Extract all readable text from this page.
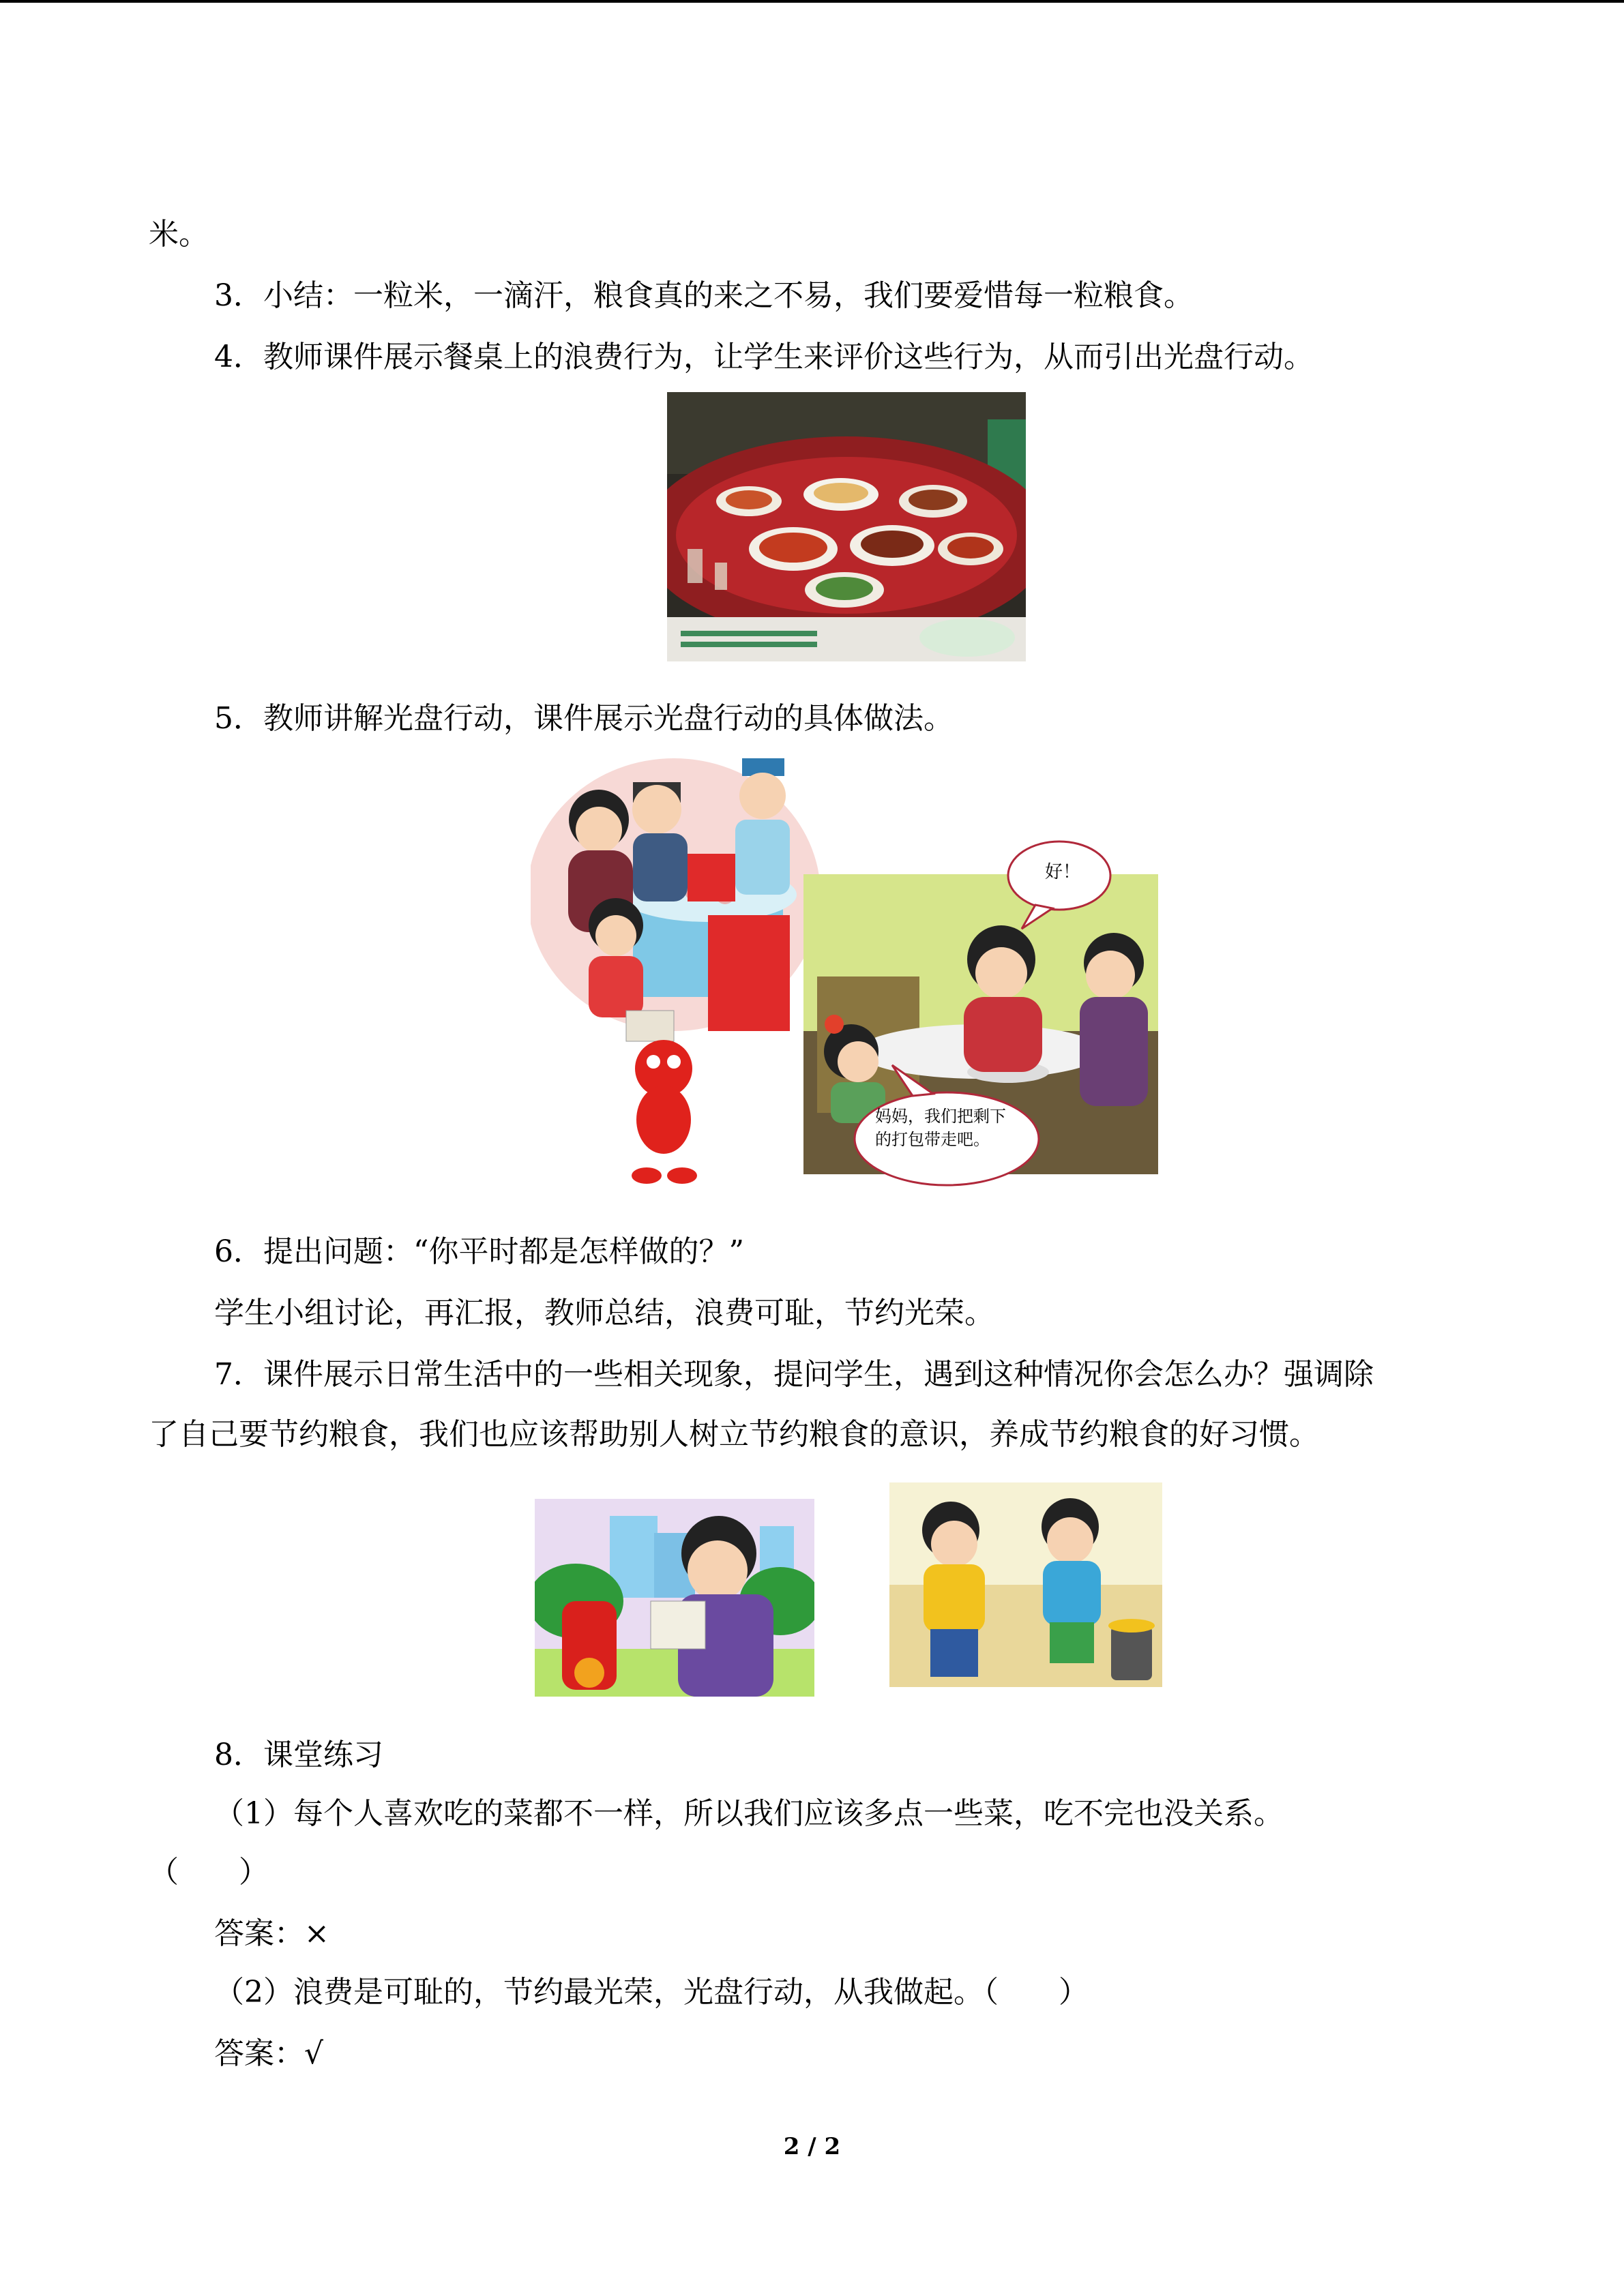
米。
3．小结：一粒米，一滴汗，粮食真的来之不易，我们要爱惜每一粒粮食。
4．教师课件展示餐桌上的浪费行为，让学生来评价这些行为，从而引出光盘行动。
5．教师讲解光盘行动，课件展示光盘行动的具体做法。
好！
妈妈，我们把剩下的打包带走吧。
6．提出问题：“你平时都是怎样做的？”
学生小组讨论，再汇报，教师总结，浪费可耻，节约光荣。
7．课件展示日常生活中的一些相关现象，提问学生，遇到这种情况你会怎么办？强调除
了自己要节约粮食，我们也应该帮助别人树立节约粮食的意识，养成节约粮食的好习惯。
8．课堂练习
（1）每个人喜欢吃的菜都不一样，所以我们应该多点一些菜，吃不完也没关系。
（　　）
答案：×
（2）浪费是可耻的，节约最光荣，光盘行动，从我做起。（　　）
答案：√
2 / 2
